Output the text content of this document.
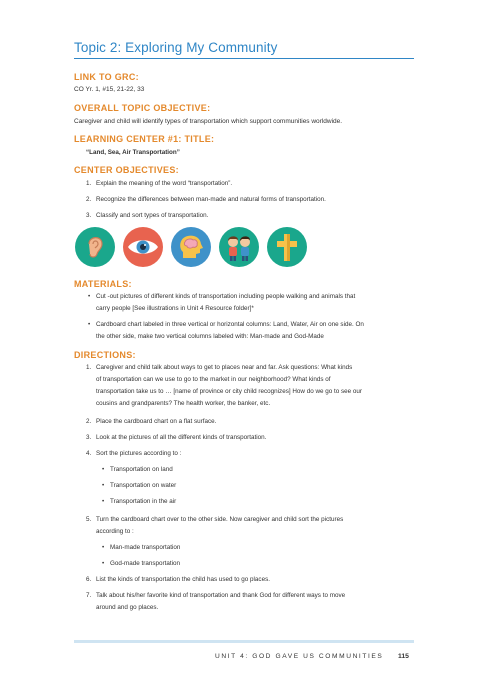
Topic 2: Exploring My Community
LINK TO GRC:
CO Yr. 1, #15, 21-22, 33
OVERALL TOPIC OBJECTIVE:
Caregiver and child will identify types of transportation which support communities worldwide.
LEARNING CENTER #1: TITLE:
“Land, Sea, Air Transportation”
CENTER OBJECTIVES:
1. Explain the meaning of the word “transportation”.
2. Recognize the differences between man-made and natural forms of transportation.
3. Classify and sort types of transportation.
MATERIALS:
• Cut -out pictures of different kinds of transportation including people walking and animals that
carry people [See illustrations in Unit 4 Resource folder]*
• Cardboard chart labeled in three vertical or horizontal columns: Land, Water, Air on one side. On
the other side, make two vertical columns labeled with: Man-made and God-Made
DIRECTIONS:
1. Caregiver and child talk about ways to get to places near and far. Ask questions: What kinds
of transportation can we use to go to the market in our neighborhood? What kinds of
transportation take us to … [name of province or city child recognizes] How do we go to see our
cousins and grandparents? The health worker, the banker, etc.
2. Place the cardboard chart on a flat surface.
3. Look at the pictures of all the different kinds of transportation.
4. Sort the pictures according to :
• Transportation on land
• Transportation on water
• Transportation in the air
5. Turn the cardboard chart over to the other side. Now caregiver and child sort the pictures
according to :
• Man-made transportation
• God-made transportation
6. List the kinds of transportation the child has used to go places.
7. Talk about his/her favorite kind of transportation and thank God for different ways to move
around and go places.
UNIT 4: GOD GAVE US COMMUNITIES 115
